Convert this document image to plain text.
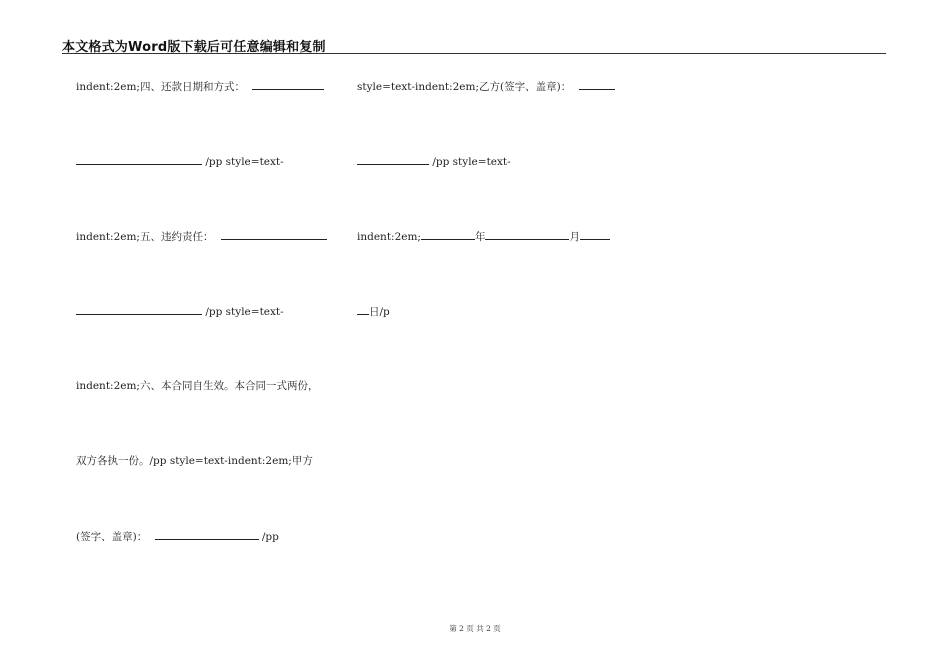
本文格式为Word版下载后可任意编辑和复制
indent:2em;四、还款日期和方式：
/pp style=text-
indent:2em;五、违约责任：
/pp style=text-
indent:2em;六、本合同自生效。本合同一式两份，
双方各执一份。/pp style=text-indent:2em;甲方
(签字、盖章)：	/pp
style=text-indent:2em;乙方(签字、盖章)：
/pp style=text-
indent:2em;	年	月
日/p
第 2 页 共 2 页
